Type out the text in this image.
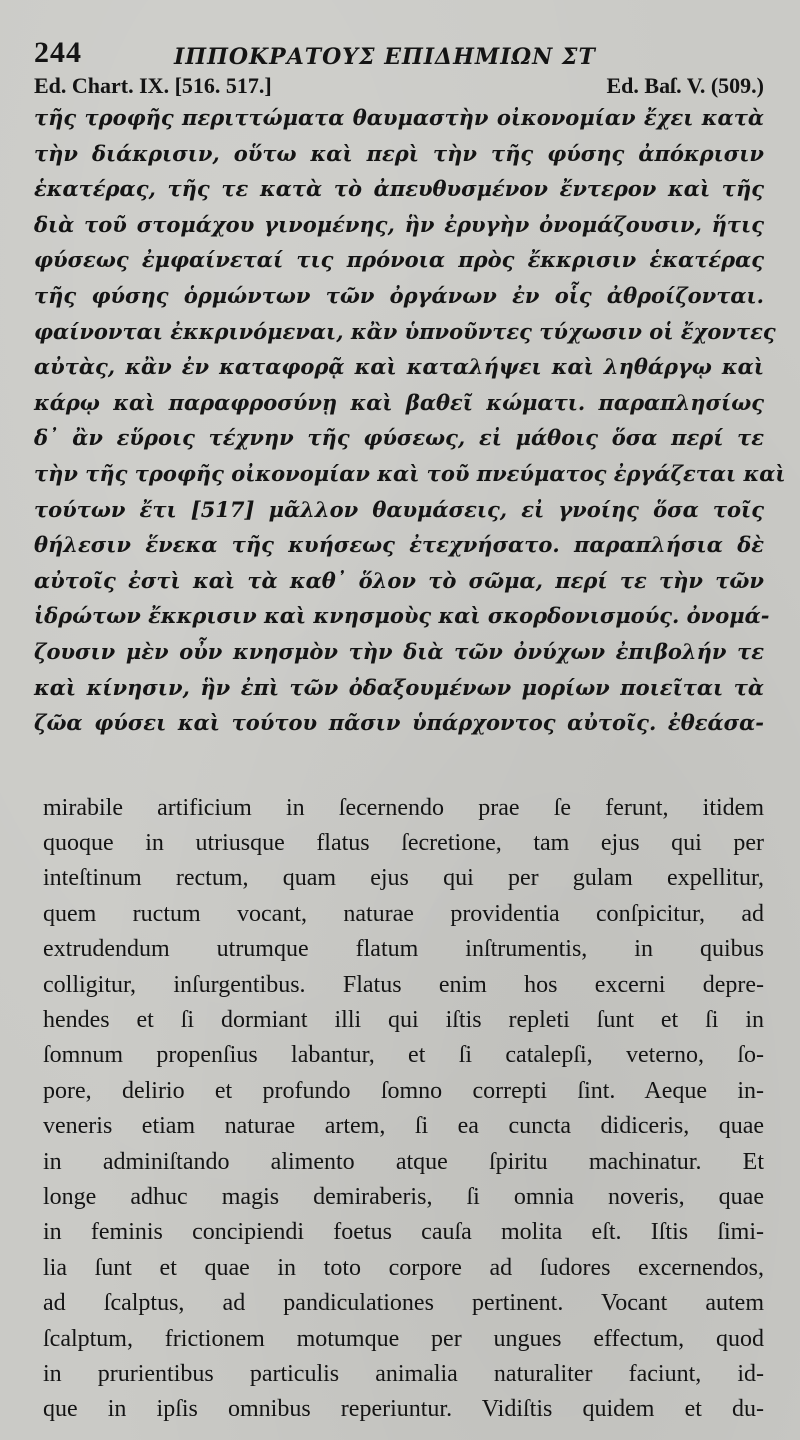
244	ΙΠΠΟΚΡΑΤΟΥΣ ΕΠΙΔΗΜΙΩΝ ΣΤ
Ed. Chart. IX. [516. 517.]	Ed. Baſ. V. (509.)
τῆς τροφῆς περιττώματα θαυμαστὴν οἰκονομίαν ἔχει κατὰ
τὴν διάκρισιν, οὕτω καὶ περὶ τὴν τῆς φύσης ἀπόκρισιν
ἑκατέρας, τῆς τε κατὰ τὸ ἀπευθυσμένον ἔντερον καὶ τῆς
διὰ τοῦ στομάχου γινομένης, ἣν ἐρυγὴν ὀνομάζουσιν, ἥτις
φύσεως ἐμφαίνεταί τις πρόνοια πρὸς ἔκκρισιν ἑκατέρας
τῆς φύσης ὁρμώντων τῶν ὀργάνων ἐν οἷς ἀθροίζονται.
φαίνονται ἐκκρινόμεναι, κἂν ὑπνοῦντες τύχωσιν οἱ ἔχοντες
αὐτὰς, κἂν ἐν καταφορᾷ καὶ καταλήψει καὶ ληθάργῳ καὶ
κάρῳ καὶ παραφροσύνῃ καὶ βαθεῖ κώματι. παραπλησίως
δ᾽ ἂν εὕροις τέχνην τῆς φύσεως, εἰ μάθοις ὅσα περί τε
τὴν τῆς τροφῆς οἰκονομίαν καὶ τοῦ πνεύματος ἐργάζεται καὶ
τούτων ἔτι [517] μᾶλλον θαυμάσεις, εἰ γνοίης ὅσα τοῖς
θήλεσιν ἕνεκα τῆς κυήσεως ἐτεχνήσατο. παραπλήσια δὲ
αὐτοῖς ἐστὶ καὶ τὰ καθ᾽ ὅλον τὸ σῶμα, περί τε τὴν τῶν
ἱδρώτων ἔκκρισιν καὶ κνησμοὺς καὶ σκορδονισμούς. ὀνομά-
ζουσιν μὲν οὖν κνησμὸν τὴν διὰ τῶν ὀνύχων ἐπιβολήν τε
καὶ κίνησιν, ἣν ἐπὶ τῶν ὀδαξουμένων μορίων ποιεῖται τὰ
ζῶα φύσει καὶ τούτου πᾶσιν ὑπάρχοντος αὐτοῖς. ἐθεάσα-
mirabile artificium in ſecernendo prae ſe ferunt, itidem
quoque in utriusque flatus ſecretione, tam ejus qui per
inteſtinum rectum, quam ejus qui per gulam expellitur,
quem ructum vocant, naturae providentia conſpicitur, ad
extrudendum utrumque flatum inſtrumentis, in quibus
colligitur, inſurgentibus. Flatus enim hos excerni depre-
hendes et ſi dormiant illi qui iſtis repleti ſunt et ſi in
ſomnum propenſius labantur, et ſi catalepſi, veterno, ſo-
pore, delirio et profundo ſomno correpti ſint. Aeque in-
veneris etiam naturae artem, ſi ea cuncta didiceris, quae
in adminiſtando alimento atque ſpiritu machinatur. Et
longe adhuc magis demiraberis, ſi omnia noveris, quae
in feminis concipiendi foetus cauſa molita eſt. Iſtis ſimi-
lia ſunt et quae in toto corpore ad ſudores excernendos,
ad ſcalptus, ad pandiculationes pertinent. Vocant autem
ſcalptum, frictionem motumque per ungues effectum, quod
in prurientibus particulis animalia naturaliter faciunt, id-
que in ipſis omnibus reperiuntur. Vidiſtis quidem et du-
